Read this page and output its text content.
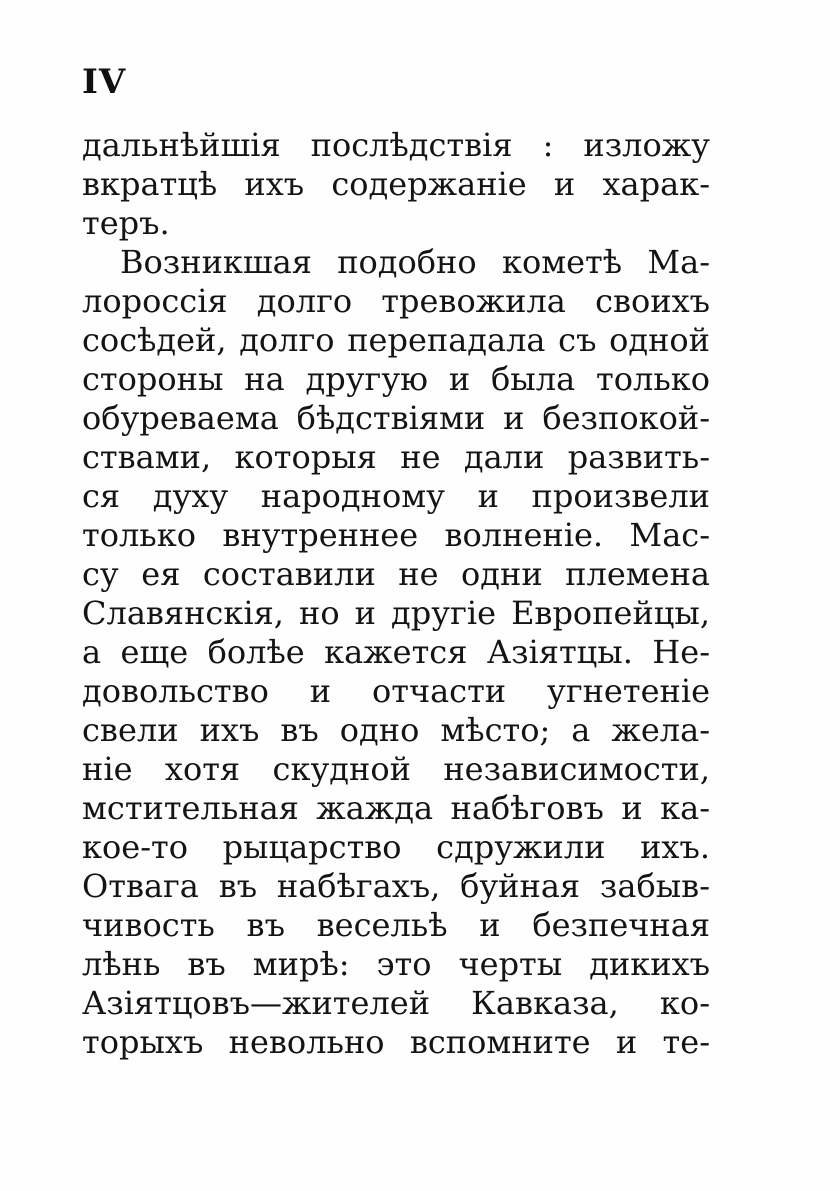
IV
дальнѣйшія послѣдствія : изложу
вкратцѣ ихъ содержаніе и харак-
теръ.
Возникшая подобно кометѣ Ма-
лороссія долго тревожила своихъ
сосѣдей, долго перепадала съ одной
стороны на другую и была только
обуреваема бѣдствіями и безпокой-
ствами, которыя не дали развить-
ся духу народному и произвели
только внутреннее волненіе. Мас-
су ея составили не одни племена
Славянскія, но и другіе Европейцы,
а еще болѣе кажется Азіятцы. Не-
довольство и отчасти угнетеніе
свели ихъ въ одно мѣсто; а жела-
ніе хотя скудной независимости,
мстительная жажда набѣговъ и ка-
кое-то рыцарство сдружили ихъ.
Отвага въ набѣгахъ, буйная забыв-
чивость въ весельѣ и безпечная
лѣнь въ мирѣ: это черты дикихъ
Азіятцовъ—жителей Кавказа, ко-
торыхъ невольно вспомните и те-
